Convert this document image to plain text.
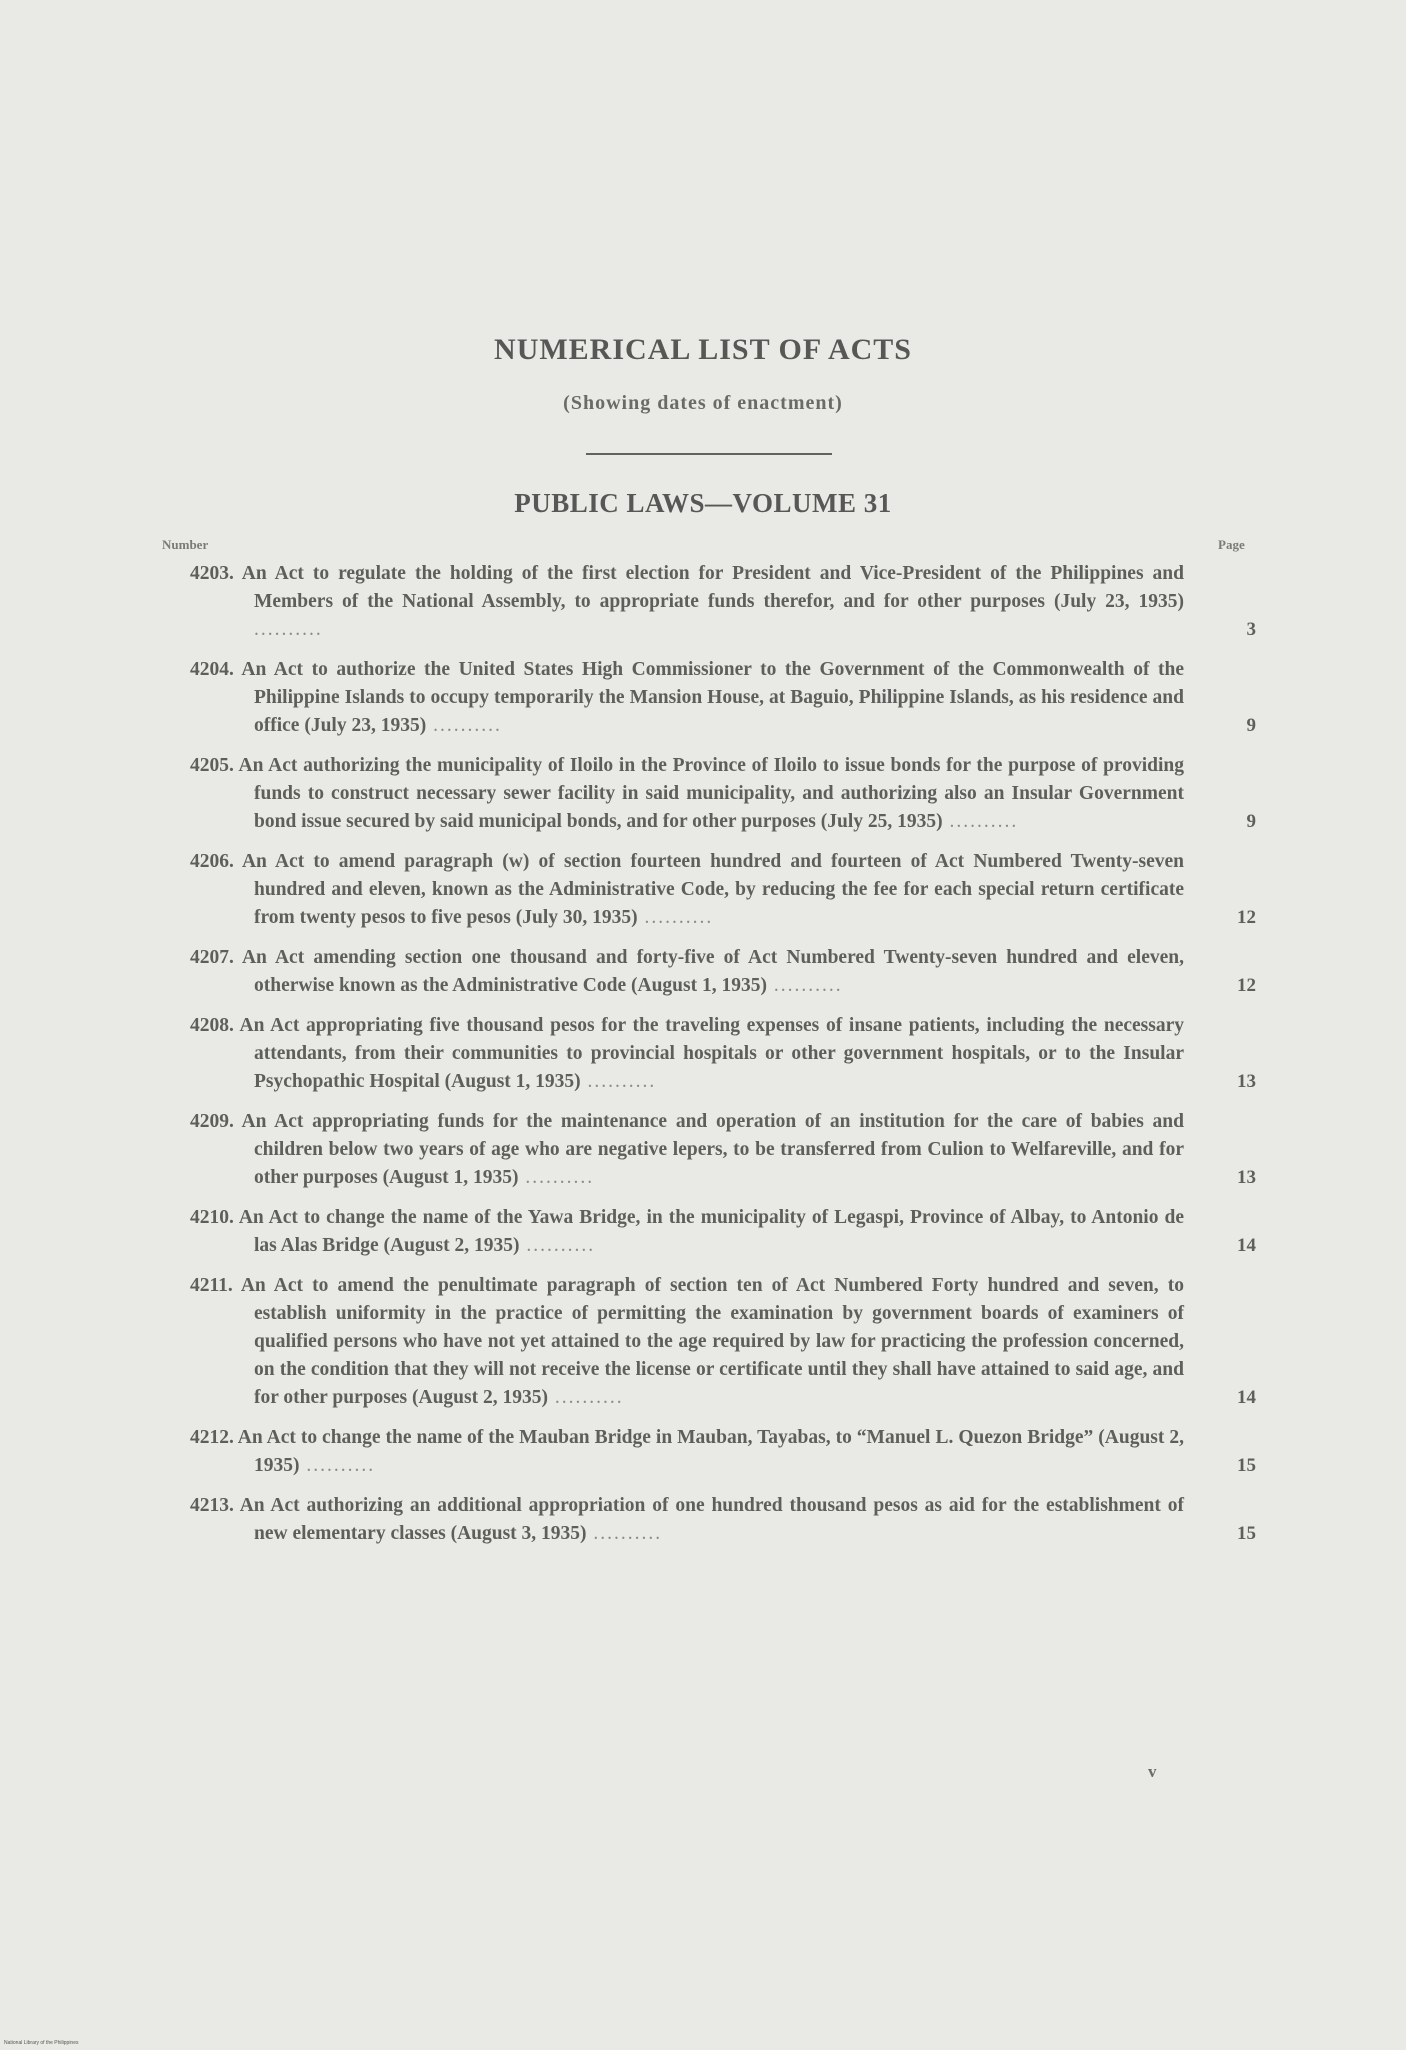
NUMERICAL LIST OF ACTS
(Showing dates of enactment)
PUBLIC LAWS—VOLUME 31
Number	Page
4203. An Act to regulate the holding of the first election for President and Vice-President of the Philippines and Members of the National Assembly, to appropriate funds therefor, and for other purposes (July 23, 1935) ..........	3
4204. An Act to authorize the United States High Commissioner to the Government of the Commonwealth of the Philippine Islands to occupy temporarily the Mansion House, at Baguio, Philippine Islands, as his residence and office (July 23, 1935) ..........	9
4205. An Act authorizing the municipality of Iloilo in the Province of Iloilo to issue bonds for the purpose of providing funds to construct necessary sewer facility in said municipality, and authorizing also an Insular Government bond issue secured by said municipal bonds, and for other purposes (July 25, 1935) ..........	9
4206. An Act to amend paragraph (w) of section fourteen hundred and fourteen of Act Numbered Twenty-seven hundred and eleven, known as the Administrative Code, by reducing the fee for each special return certificate from twenty pesos to five pesos (July 30, 1935) ..........	12
4207. An Act amending section one thousand and forty-five of Act Numbered Twenty-seven hundred and eleven, otherwise known as the Administrative Code (August 1, 1935) ..........	12
4208. An Act appropriating five thousand pesos for the traveling expenses of insane patients, including the necessary attendants, from their communities to provincial hospitals or other government hospitals, or to the Insular Psychopathic Hospital (August 1, 1935) ..........	13
4209. An Act appropriating funds for the maintenance and operation of an institution for the care of babies and children below two years of age who are negative lepers, to be transferred from Culion to Welfareville, and for other purposes (August 1, 1935) ..........	13
4210. An Act to change the name of the Yawa Bridge, in the municipality of Legaspi, Province of Albay, to Antonio de las Alas Bridge (August 2, 1935) ..........	14
4211. An Act to amend the penultimate paragraph of section ten of Act Numbered Forty hundred and seven, to establish uniformity in the practice of permitting the examination by government boards of examiners of qualified persons who have not yet attained to the age required by law for practicing the profession concerned, on the condition that they will not receive the license or certificate until they shall have attained to said age, and for other purposes (August 2, 1935) ..........	14
4212. An Act to change the name of the Mauban Bridge in Mauban, Tayabas, to “Manuel L. Quezon Bridge” (August 2, 1935) ..........	15
4213. An Act authorizing an additional appropriation of one hundred thousand pesos as aid for the establishment of new elementary classes (August 3, 1935) ..........	15
v
National Library of the Philippines
